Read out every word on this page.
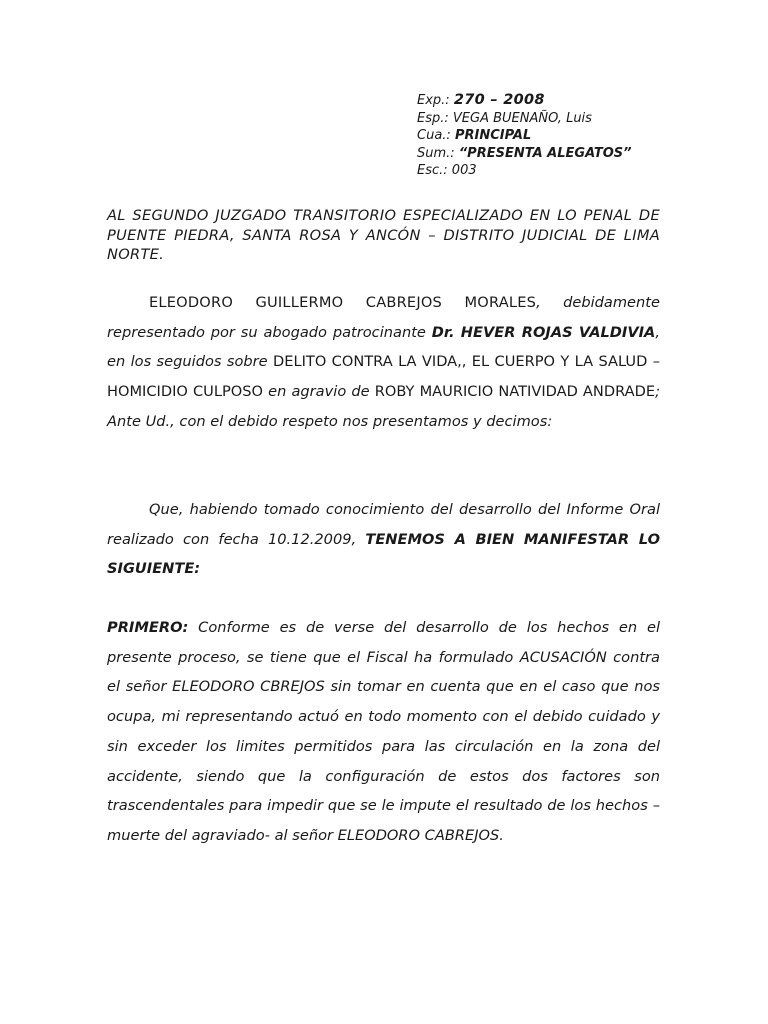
Exp.: 270 – 2008
Esp.: VEGA BUENAÑO, Luis
Cua.: PRINCIPAL
Sum.: “PRESENTA ALEGATOS”
Esc.: 003
AL SEGUNDO JUZGADO TRANSITORIO ESPECIALIZADO EN LO PENAL DE PUENTE PIEDRA, SANTA ROSA Y ANCÓN – DISTRITO JUDICIAL DE LIMA NORTE.
ELEODORO GUILLERMO CABREJOS MORALES, debidamente representado por su abogado patrocinante Dr. HEVER ROJAS VALDIVIA, en los seguidos sobre DELITO CONTRA LA VIDA,, EL CUERPO Y LA SALUD – HOMICIDIO CULPOSO en agravio de ROBY MAURICIO NATIVIDAD ANDRADE; Ante Ud., con el debido respeto nos presentamos y decimos:
Que, habiendo tomado conocimiento del desarrollo del Informe Oral realizado con fecha 10.12.2009, TENEMOS A BIEN MANIFESTAR LO SIGUIENTE:
PRIMERO: Conforme es de verse del desarrollo de los hechos en el presente proceso, se tiene que el Fiscal ha formulado ACUSACIÓN contra el señor ELEODORO CBREJOS sin tomar en cuenta que en el caso que nos ocupa, mi representando actuó en todo momento con el debido cuidado y sin exceder los limites permitidos para las circulación en la zona del accidente, siendo que la configuración de estos dos factores son trascendentales para impedir que se le impute el resultado de los hechos –muerte del agraviado- al señor ELEODORO CABREJOS.
